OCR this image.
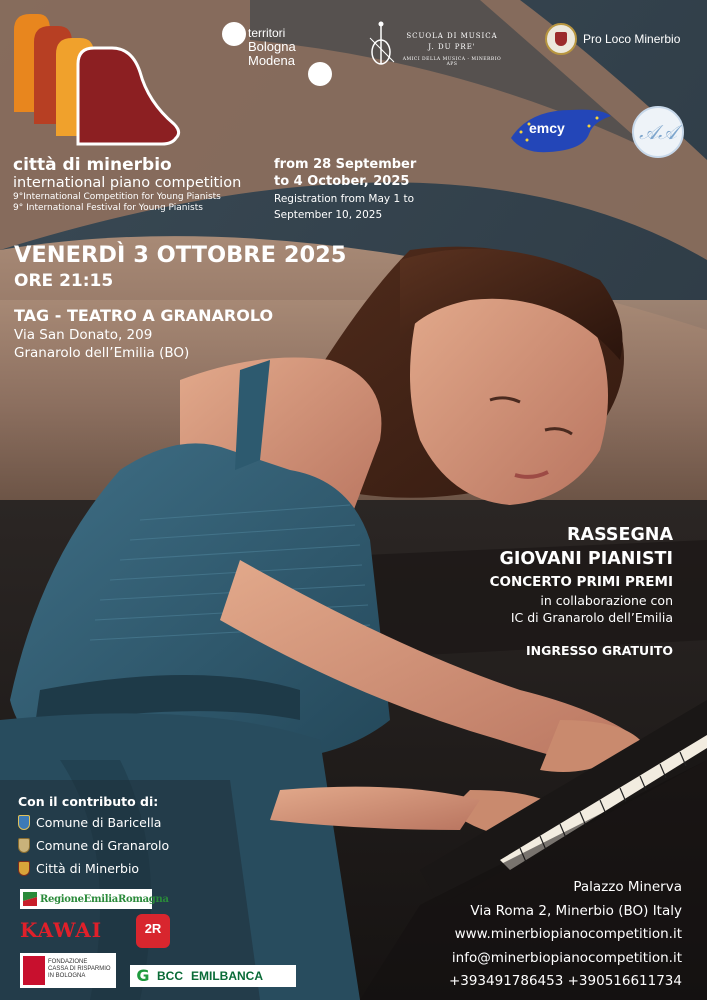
territori
Bologna
Modena
SCUOLA DI MUSICA
J. DU PRE'
AMICI DELLA MUSICA - MINERBIO APS
Pro Loco Minerbio
emcy	𝒜𝒜
città di minerbio
international piano competition
9°International Competition for Young Pianists
9° International Festival for Young Pianists
from 28 September
to 4 October, 2025
Registration from May 1 to
September 10, 2025
VENERDÌ 3 OTTOBRE 2025
ORE 21:15
TAG - TEATRO A GRANAROLO
Via San Donato, 209
Granarolo dell’Emilia (BO)
RASSEGNA
GIOVANI PIANISTI
CONCERTO PRIMI PREMI
in collaborazione con
IC di Granarolo dell’Emilia
INGRESSO GRATUITO
Con il contributo di:
Comune di Baricella
Comune di Granarolo
Città di Minerbio
RegioneEmiliaRomagna
KAWAI	2R
FONDAZIONE
CASSA DI RISPARMIO
IN BOLOGNA	G BCC EMILBANCA
Palazzo Minerva
Via Roma 2, Minerbio (BO) Italy
www.minerbiopianocompetition.it
info@minerbiopianocompetition.it
+393491786453 +390516611734
